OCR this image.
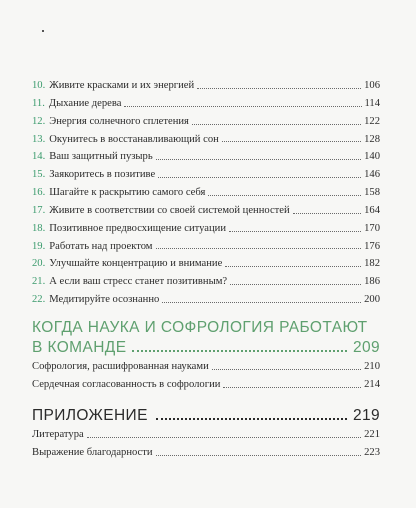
10. Живите красками и их энергией	106
11. Дыхание дерева	114
12. Энергия солнечного сплетения	122
13. Окунитесь в восстанавливающий сон	128
14. Ваш защитный пузырь	140
15. Заякоритесь в позитиве	146
16. Шагайте к раскрытию самого себя	158
17. Живите в соответствии со своей системой ценностей	164
18. Позитивное предвосхищение ситуации	170
19. Работать над проектом	176
20. Улучшайте концентрацию и внимание	182
21. А если ваш стресс станет позитивным?	186
22. Медитируйте осознанно	200
КОГДА НАУКА И СОФРОЛОГИЯ РАБОТАЮТ
В КОМАНДЕ	209
Софрология, расшифрованная науками	210
Сердечная согласованность в софрологии	214
ПРИЛОЖЕНИЕ	219
Литература	221
Выражение благодарности	223
